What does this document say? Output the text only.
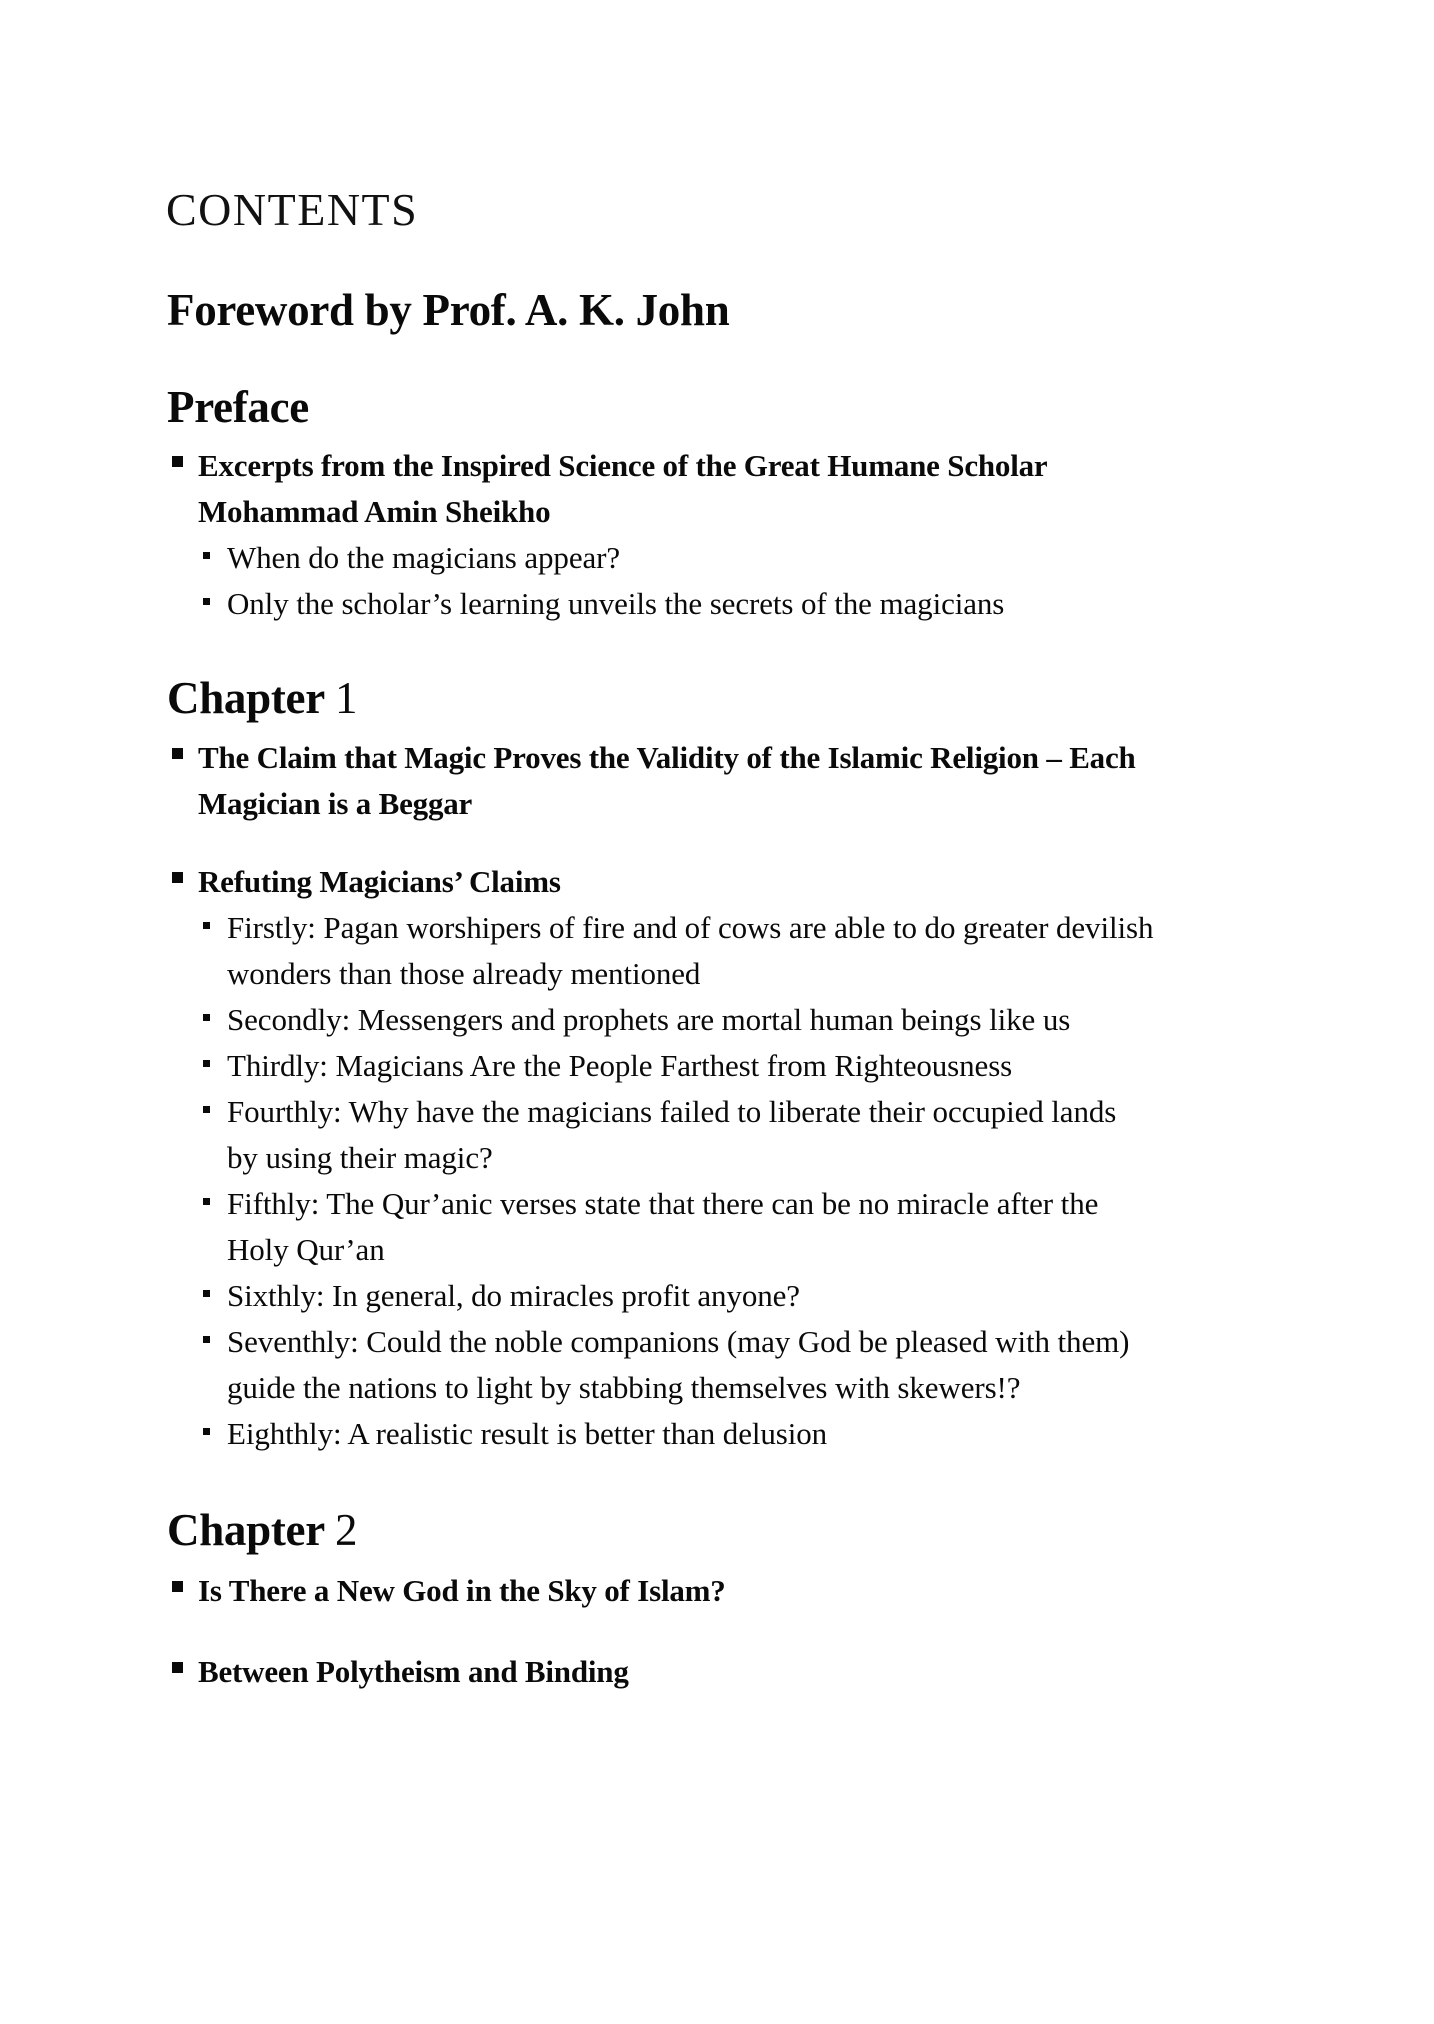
CONTENTS
Foreword by Prof. A. K. John
Preface
Excerpts from the Inspired Science of the Great Humane Scholar
Mohammad Amin Sheikho
When do the magicians appear?
Only the scholar’s learning unveils the secrets of the magicians
Chapter 1
The Claim that Magic Proves the Validity of the Islamic Religion – Each
Magician is a Beggar
Refuting Magicians’ Claims
Firstly: Pagan worshipers of fire and of cows are able to do greater devilish
wonders than those already mentioned
Secondly: Messengers and prophets are mortal human beings like us
Thirdly: Magicians Are the People Farthest from Righteousness
Fourthly: Why have the magicians failed to liberate their occupied lands
by using their magic?
Fifthly: The Qur’anic verses state that there can be no miracle after the
Holy Qur’an
Sixthly: In general, do miracles profit anyone?
Seventhly: Could the noble companions (may God be pleased with them)
guide the nations to light by stabbing themselves with skewers!?
Eighthly: A realistic result is better than delusion
Chapter 2
Is There a New God in the Sky of Islam?
Between Polytheism and Binding
